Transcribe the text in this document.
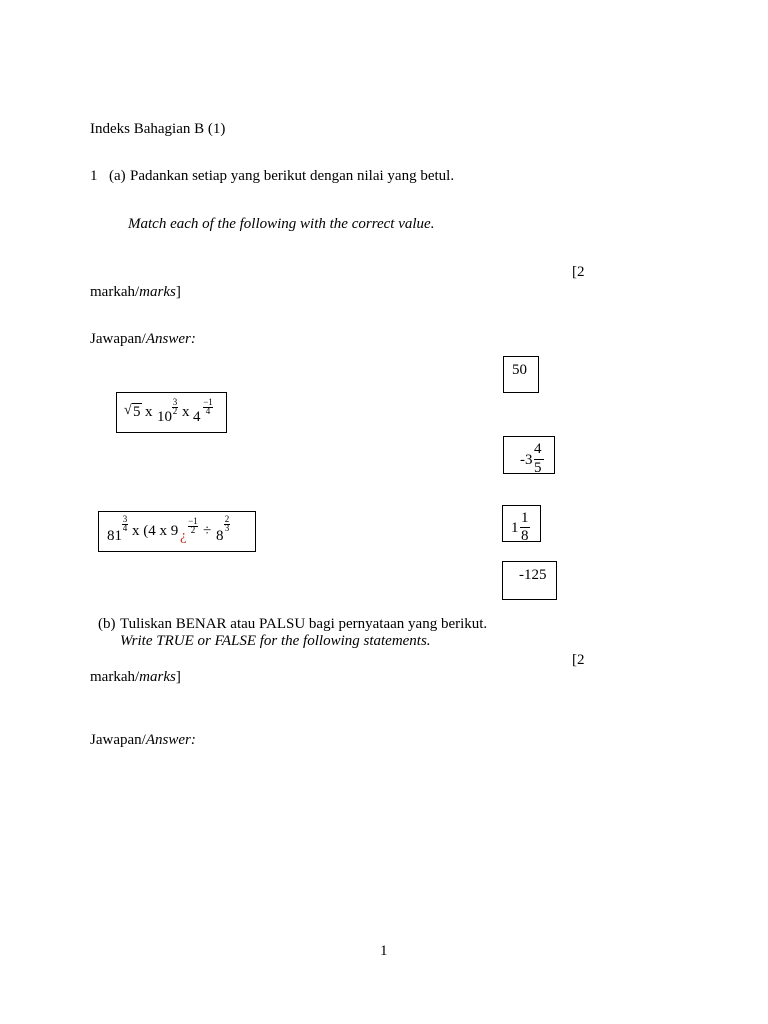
Indeks Bahagian B (1)
1 (a) Padankan setiap yang berikut dengan nilai yang betul.
Match each of the following with the correct value.
[2
markah/marks]
Jawapan/Answer:
√ 5 x 10
3
2 x 4
−1
4
81
3
4 x (4 x 9 ¿
−1
2 ÷ 8
2
3
50
-3
4
5
1
1
8
-125
(b) Tuliskan BENAR atau PALSU bagi pernyataan yang berikut.
Write TRUE or FALSE for the following statements.
[2
markah/marks]
Jawapan/Answer:
1
